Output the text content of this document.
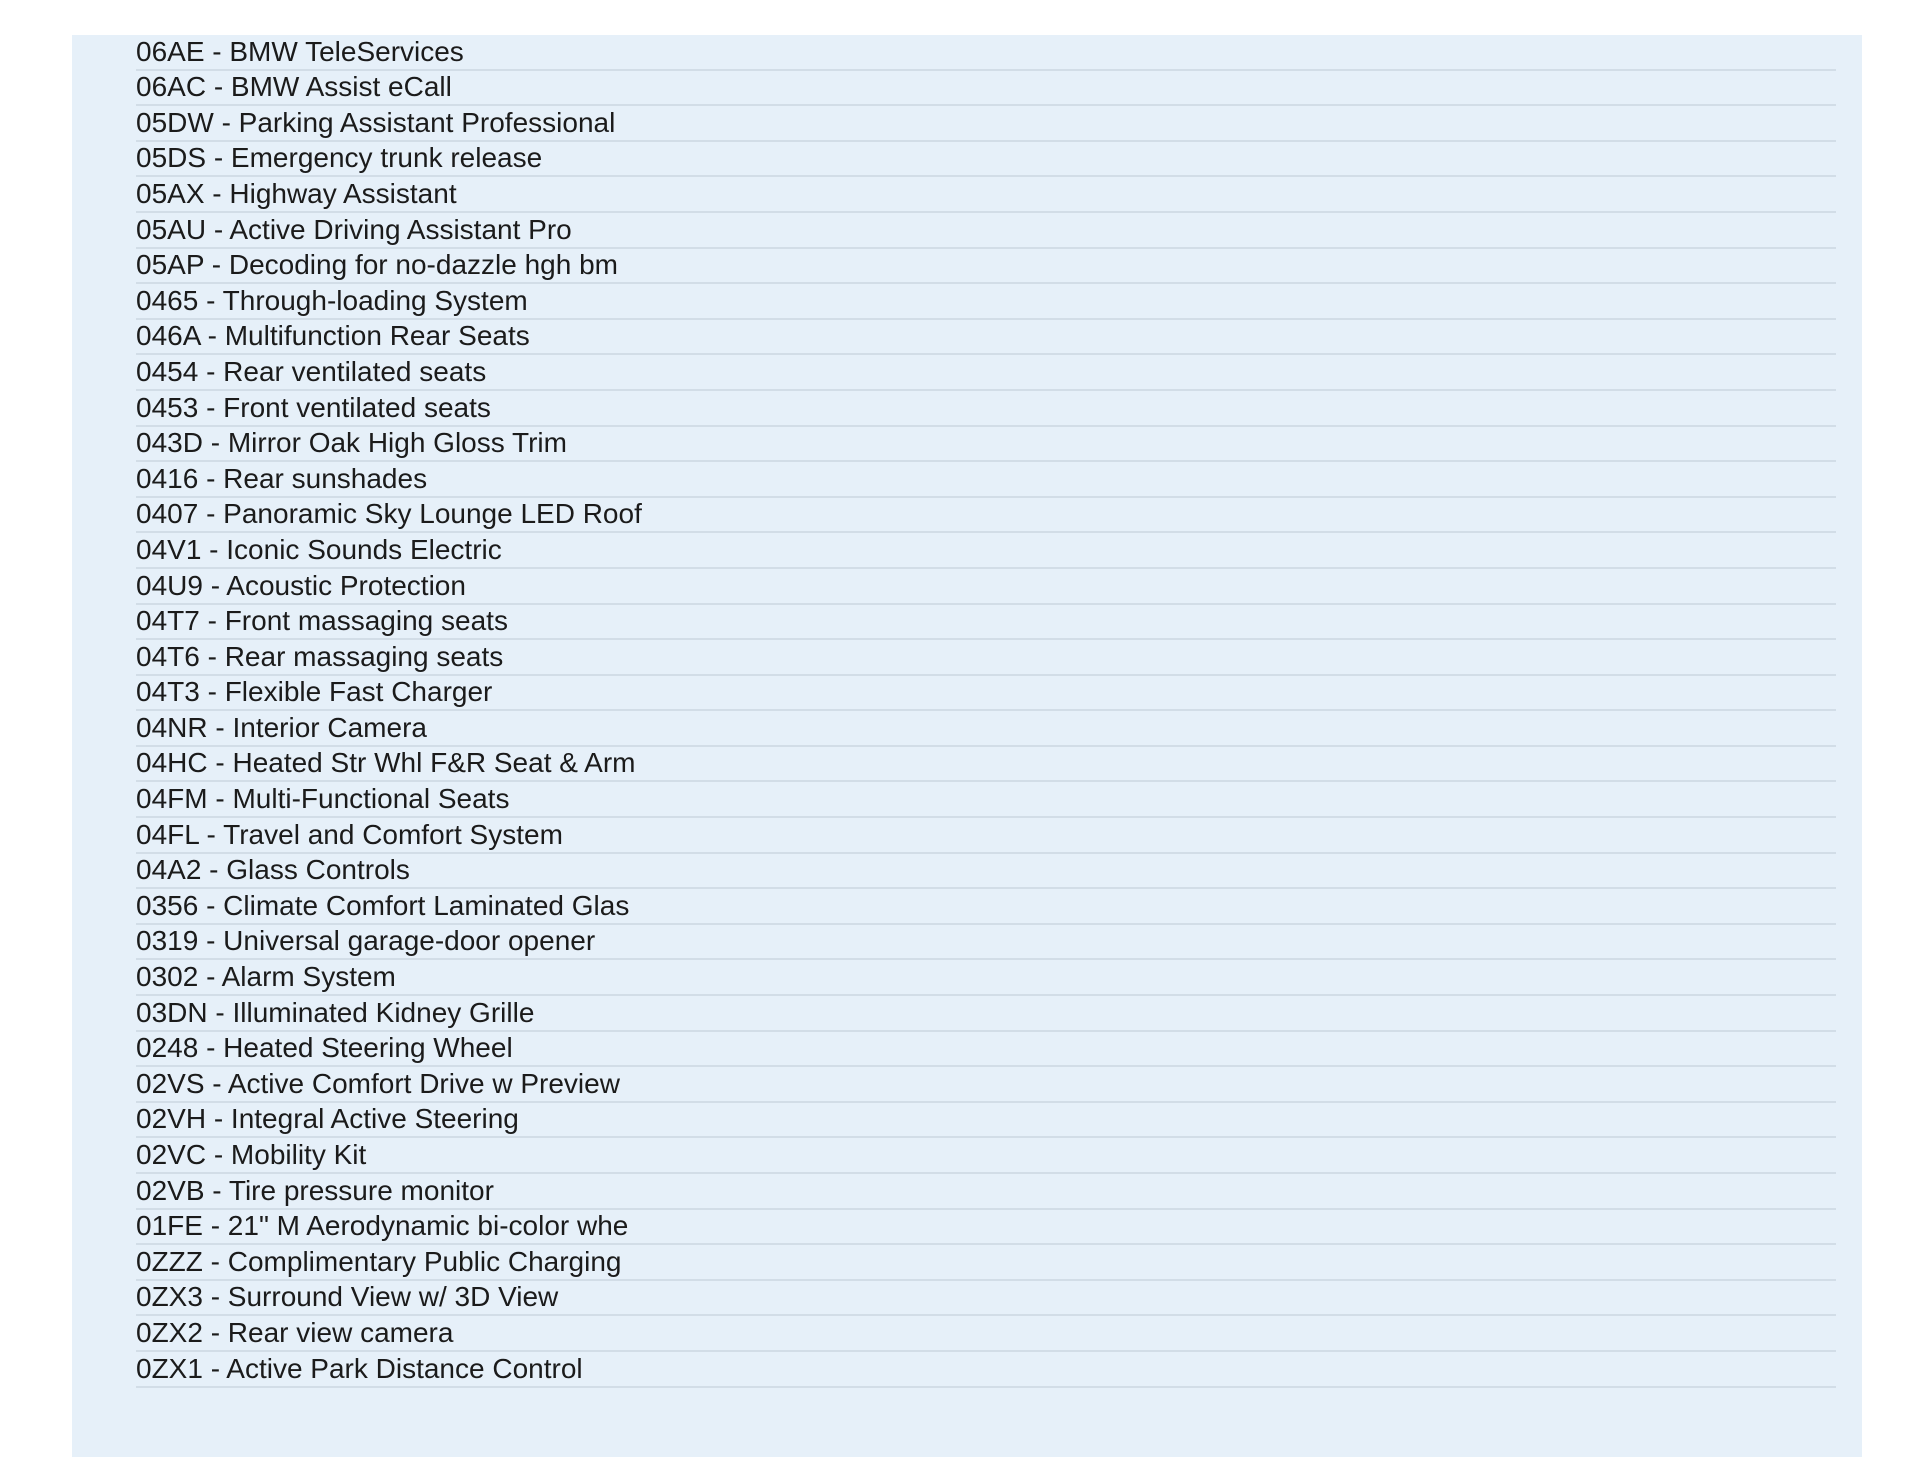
06AE - BMW TeleServices
06AC - BMW Assist eCall
05DW - Parking Assistant Professional
05DS - Emergency trunk release
05AX - Highway Assistant
05AU - Active Driving Assistant Pro
05AP - Decoding for no-dazzle hgh bm
0465 - Through-loading System
046A - Multifunction Rear Seats
0454 - Rear ventilated seats
0453 - Front ventilated seats
043D - Mirror Oak High Gloss Trim
0416 - Rear sunshades
0407 - Panoramic Sky Lounge LED Roof
04V1 - Iconic Sounds Electric
04U9 - Acoustic Protection
04T7 - Front massaging seats
04T6 - Rear massaging seats
04T3 - Flexible Fast Charger
04NR - Interior Camera
04HC - Heated Str Whl F&R Seat & Arm
04FM - Multi-Functional Seats
04FL - Travel and Comfort System
04A2 - Glass Controls
0356 - Climate Comfort Laminated Glas
0319 - Universal garage-door opener
0302 - Alarm System
03DN - Illuminated Kidney Grille
0248 - Heated Steering Wheel
02VS - Active Comfort Drive w Preview
02VH - Integral Active Steering
02VC - Mobility Kit
02VB - Tire pressure monitor
01FE - 21" M Aerodynamic bi-color whe
0ZZZ - Complimentary Public Charging
0ZX3 - Surround View w/ 3D View
0ZX2 - Rear view camera
0ZX1 - Active Park Distance Control
